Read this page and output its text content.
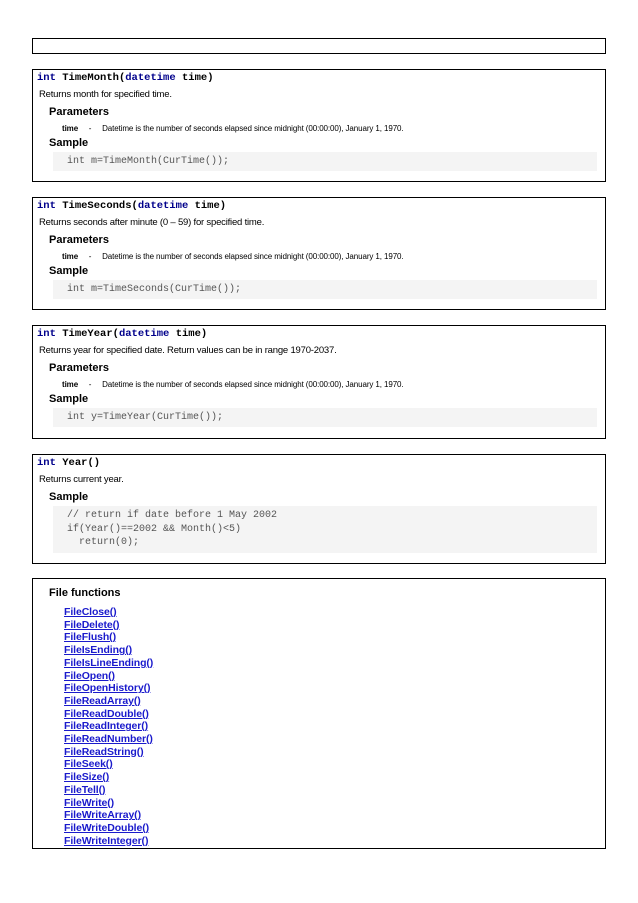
int TimeMonth(datetime time)
Returns month for specified time.
Parameters
time - Datetime is the number of seconds elapsed since midnight (00:00:00), January 1, 1970.
Sample
int m=TimeMonth(CurTime());
int TimeSeconds(datetime time)
Returns seconds after minute (0 – 59) for specified time.
Parameters
time - Datetime is the number of seconds elapsed since midnight (00:00:00), January 1, 1970.
Sample
int m=TimeSeconds(CurTime());
int TimeYear(datetime time)
Returns year for specified date. Return values can be in range 1970-2037.
Parameters
time - Datetime is the number of seconds elapsed since midnight (00:00:00), January 1, 1970.
Sample
int y=TimeYear(CurTime());
int Year()
Returns current year.
Sample
// return if date before 1 May 2002
if(Year()==2002 && Month()<5)
return(0);
File functions
FileClose()
FileDelete()
FileFlush()
FileIsEnding()
FileIsLineEnding()
FileOpen()
FileOpenHistory()
FileReadArray()
FileReadDouble()
FileReadInteger()
FileReadNumber()
FileReadString()
FileSeek()
FileSize()
FileTell()
FileWrite()
FileWriteArray()
FileWriteDouble()
FileWriteInteger()
